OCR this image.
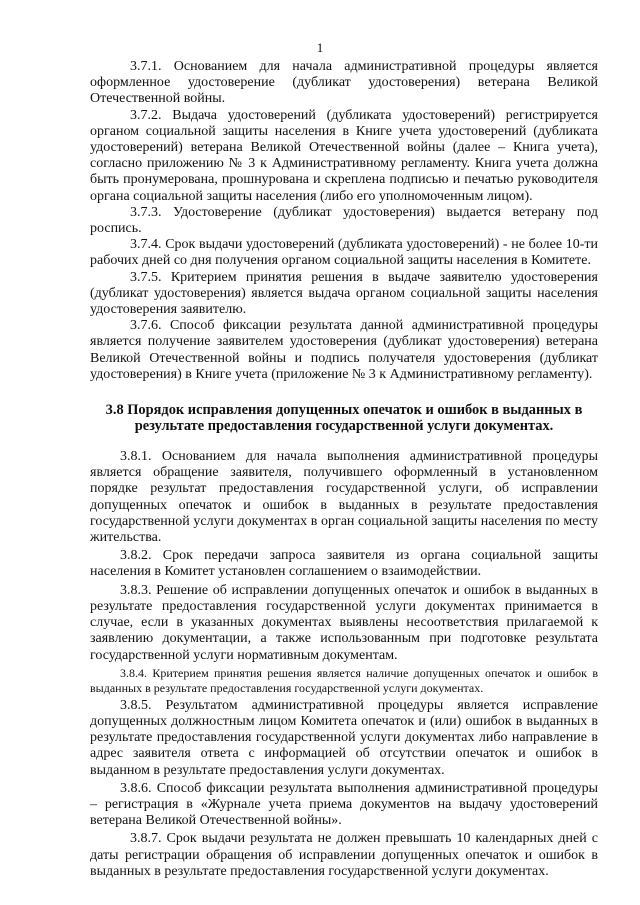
1

3.7.1. Основанием для начала административной процедуры является оформленное удостоверение (дубликат удостоверения) ветерана Великой Отечественной войны.

3.7.2. Выдача удостоверений (дубликата удостоверений) регистрируется органом социальной защиты населения в Книге учета удостоверений (дубликата удостоверений) ветерана Великой Отечественной войны (далее – Книга учета), согласно приложению № 3 к Административному регламенту. Книга учета должна быть пронумерована, прошнурована и скреплена подписью и печатью руководителя органа социальной защиты населения (либо его уполномоченным лицом).

3.7.3. Удостоверение (дубликат удостоверения) выдается ветерану под роспись.

3.7.4. Срок выдачи удостоверений (дубликата удостоверений) - не более 10-ти рабочих дней со дня получения органом социальной защиты населения в Комитете.

3.7.5. Критерием принятия решения в выдаче заявителю удостоверения (дубликат удостоверения) является выдача органом социальной защиты населения удостоверения заявителю.

3.7.6. Способ фиксации результата данной административной процедуры является получение заявителем удостоверения (дубликат удостоверения) ветерана Великой Отечественной войны и подпись получателя удостоверения (дубликат удостоверения) в Книге учета (приложение № 3 к Административному регламенту).

3.8 Порядок исправления допущенных опечаток и ошибок в выданных в результате предоставления государственной услуги документах.

3.8.1. Основанием для начала выполнения административной процедуры является обращение заявителя, получившего оформленный в установленном порядке результат предоставления государственной услуги, об исправлении допущенных опечаток и ошибок в выданных в результате предоставления государственной услуги документах в орган социальной защиты населения по месту жительства.

3.8.2. Срок передачи запроса заявителя из органа социальной защиты населения в Комитет установлен соглашением о взаимодействии.

3.8.3. Решение об исправлении допущенных опечаток и ошибок в выданных в результате предоставления государственной услуги документах принимается в случае, если в указанных документах выявлены несоответствия прилагаемой к заявлению документации, а также использованным при подготовке результата государственной услуги нормативным документам.

3.8.4. Критерием принятия решения является наличие допущенных опечаток и ошибок в выданных в результате предоставления государственной услуги документах.

3.8.5. Результатом административной процедуры является исправление допущенных должностным лицом Комитета опечаток и (или) ошибок в выданных в результате предоставления государственной услуги документах либо направление в адрес заявителя ответа с информацией об отсутствии опечаток и ошибок в выданном в результате предоставления услуги документах.

3.8.6. Способ фиксации результата выполнения административной процедуры – регистрация в «Журнале учета приема документов на выдачу удостоверений ветерана Великой Отечественной войны».

3.8.7. Срок выдачи результата не должен превышать 10 календарных дней с даты регистрации обращения об исправлении допущенных опечаток и ошибок в выданных в результате предоставления государственной услуги документах.
